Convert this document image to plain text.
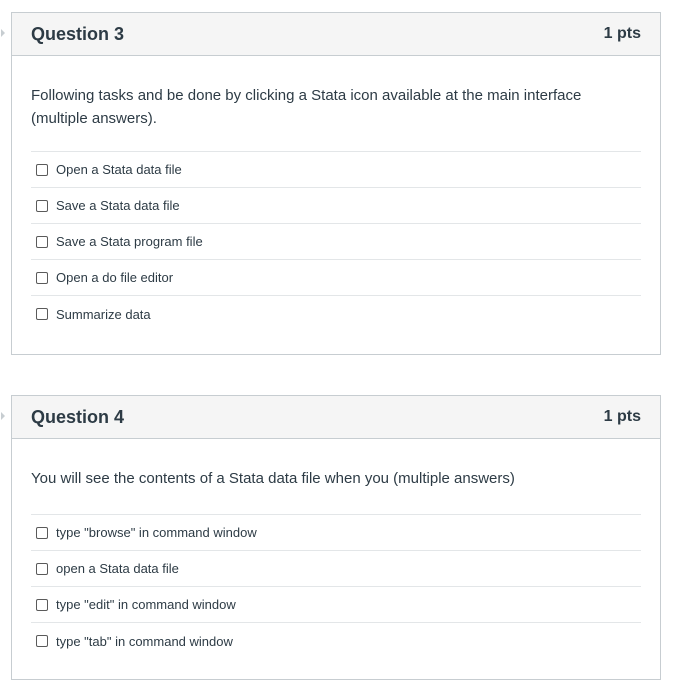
Question 3	1 pts

Following tasks and be done by clicking a Stata icon available at the main interface (multiple answers).

Open a Stata data file
Save a Stata data file
Save a Stata program file
Open a do file editor
Summarize data
Question 4	1 pts

You will see the contents of a Stata data file when you (multiple answers)

type "browse" in command window
open a Stata data file
type "edit" in command window
type "tab" in command window
